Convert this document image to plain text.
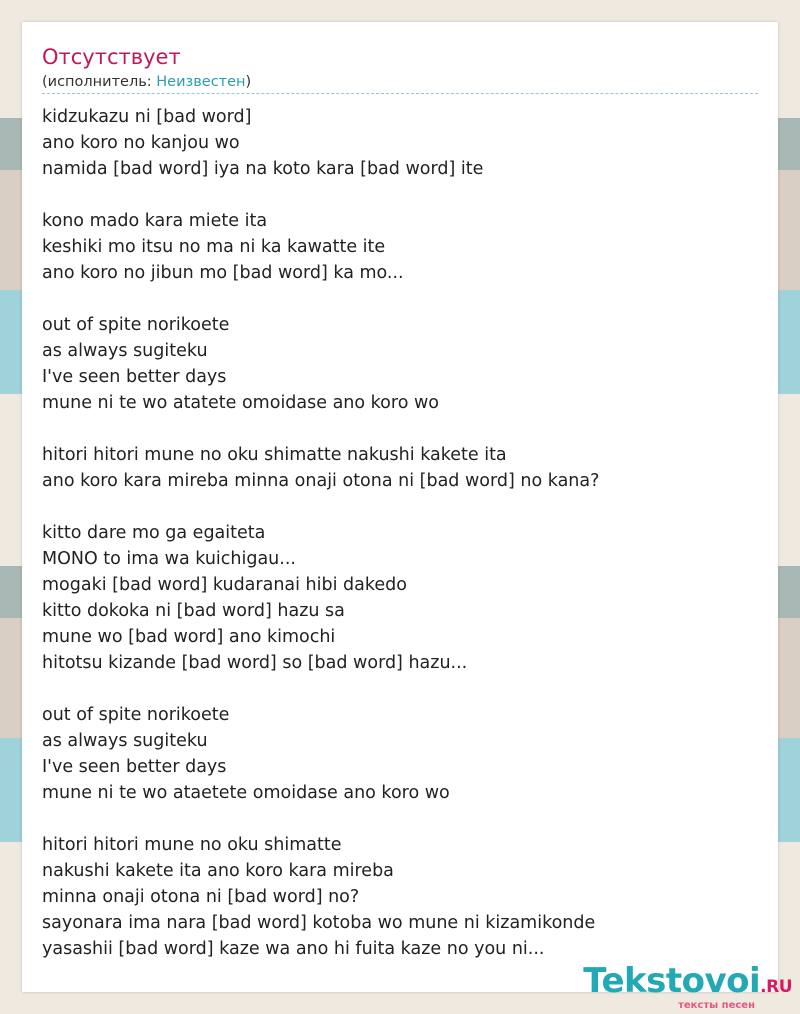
Отсутствует
(исполнитель: Неизвестен)
kidzukazu ni [bad word]
ano koro no kanjou wo
namida [bad word] iya na koto kara [bad word] ite
kono mado kara miete ita
keshiki mo itsu no ma ni ka kawatte ite
ano koro no jibun mo [bad word] ka mo...
out of spite norikoete
as always sugiteku
I've seen better days
mune ni te wo atatete omoidase ano koro wo
hitori hitori mune no oku shimatte nakushi kakete ita
ano koro kara mireba minna onaji otona ni [bad word] no kana?
kitto dare mo ga egaiteta
MONO to ima wa kuichigau...
mogaki [bad word] kudaranai hibi dakedo
kitto dokoka ni [bad word] hazu sa
mune wo [bad word] ano kimochi
hitotsu kizande [bad word] so [bad word] hazu...
out of spite norikoete
as always sugiteku
I've seen better days
mune ni te wo ataetete omoidase ano koro wo
hitori hitori mune no oku shimatte
nakushi kakete ita ano koro kara mireba
minna onaji otona ni [bad word] no?
sayonara ima nara [bad word] kotoba wo mune ni kizamikonde
yasashii [bad word] kaze wa ano hi fuita kaze no you ni...
Tekstovoi.RU
тексты песен
